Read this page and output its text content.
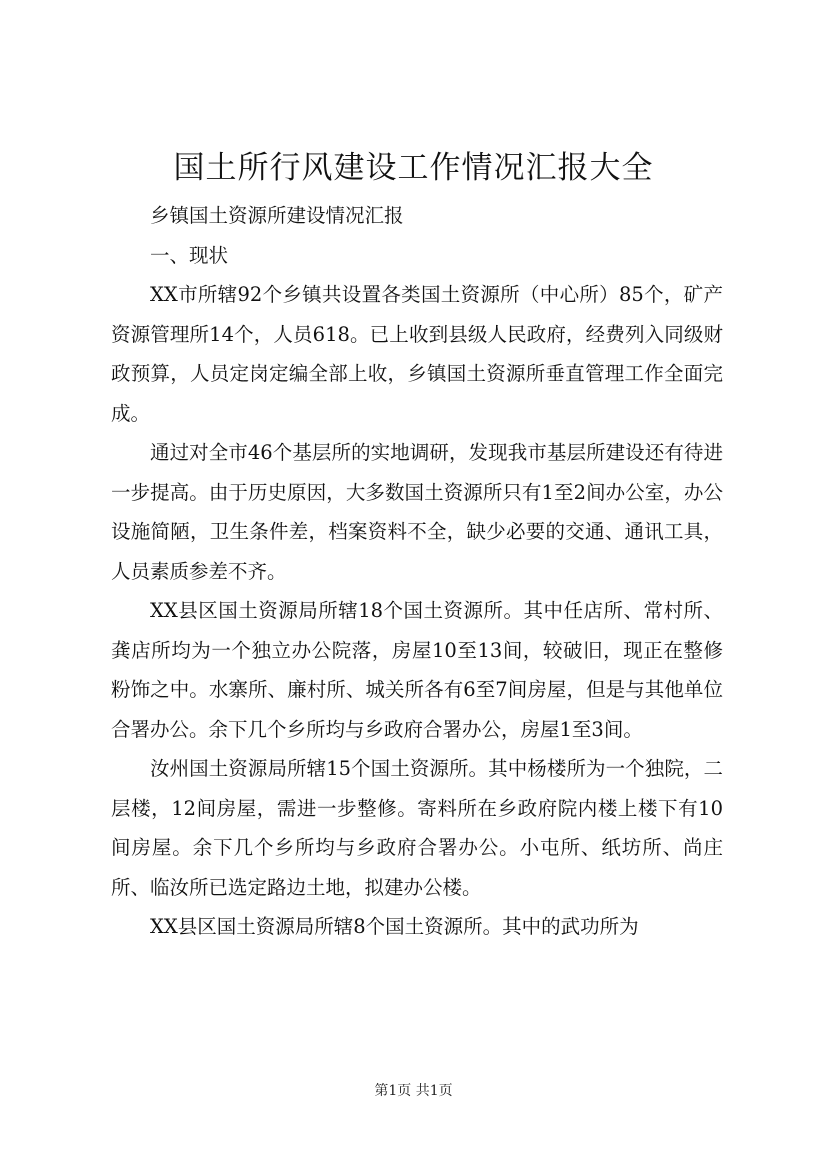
国土所行风建设工作情况汇报大全

乡镇国土资源所建设情况汇报

一、现状

XX市所辖92个乡镇共设置各类国土资源所（中心所）85个，矿产资源管理所14个，人员618。已上收到县级人民政府，经费列入同级财政预算，人员定岗定编全部上收，乡镇国土资源所垂直管理工作全面完成。

通过对全市46个基层所的实地调研，发现我市基层所建设还有待进一步提高。由于历史原因，大多数国土资源所只有1至2间办公室，办公设施简陋，卫生条件差，档案资料不全，缺少必要的交通、通讯工具，人员素质参差不齐。

XX县区国土资源局所辖18个国土资源所。其中任店所、常村所、龚店所均为一个独立办公院落，房屋10至13间，较破旧，现正在整修粉饰之中。水寨所、廉村所、城关所各有6至7间房屋，但是与其他单位合署办公。余下几个乡所均与乡政府合署办公，房屋1至3间。

汝州国土资源局所辖15个国土资源所。其中杨楼所为一个独院，二层楼，12间房屋，需进一步整修。寄料所在乡政府院内楼上楼下有10间房屋。余下几个乡所均与乡政府合署办公。小屯所、纸坊所、尚庄所、临汝所已选定路边土地，拟建办公楼。

XX县区国土资源局所辖8个国土资源所。其中的武功所为

第1页 共1页
